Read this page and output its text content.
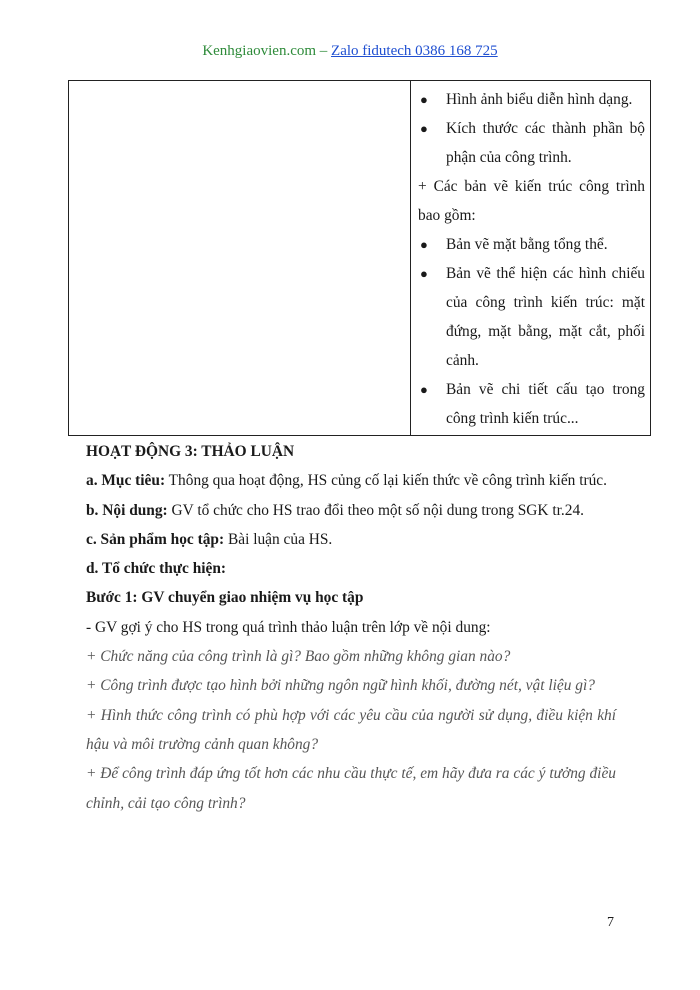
Kenhgiaovien.com – Zalo fidutech 0386 168 725
●	Hình ảnh biểu diễn hình dạng.
●	Kích thước các thành phần bộ phận của công trình.
+ Các bản vẽ kiến trúc công trình bao gồm:
●	Bản vẽ mặt bằng tổng thể.
●	Bản vẽ thể hiện các hình chiếu của công trình kiến trúc: mặt đứng, mặt bằng, mặt cắt, phối cảnh.
●	Bản vẽ chi tiết cấu tạo trong công trình kiến trúc...

HOẠT ĐỘNG 3: THẢO LUẬN

a. Mục tiêu: Thông qua hoạt động, HS củng cố lại kiến thức về công trình kiến trúc.

b. Nội dung: GV tổ chức cho HS trao đổi theo một số nội dung trong SGK tr.24.

c. Sản phẩm học tập: Bài luận của HS.

d. Tổ chức thực hiện:

Bước 1: GV chuyển giao nhiệm vụ học tập

- GV gợi ý cho HS trong quá trình thảo luận trên lớp về nội dung:

+ Chức năng của công trình là gì? Bao gồm những không gian nào?

+ Công trình được tạo hình bởi những ngôn ngữ hình khối, đường nét, vật liệu gì?

+ Hình thức công trình có phù hợp với các yêu cầu của người sử dụng, điều kiện khí hậu và môi trường cảnh quan không?

+ Để công trình đáp ứng tốt hơn các nhu cầu thực tế, em hãy đưa ra các ý tưởng điều chỉnh, cải tạo công trình?

7
